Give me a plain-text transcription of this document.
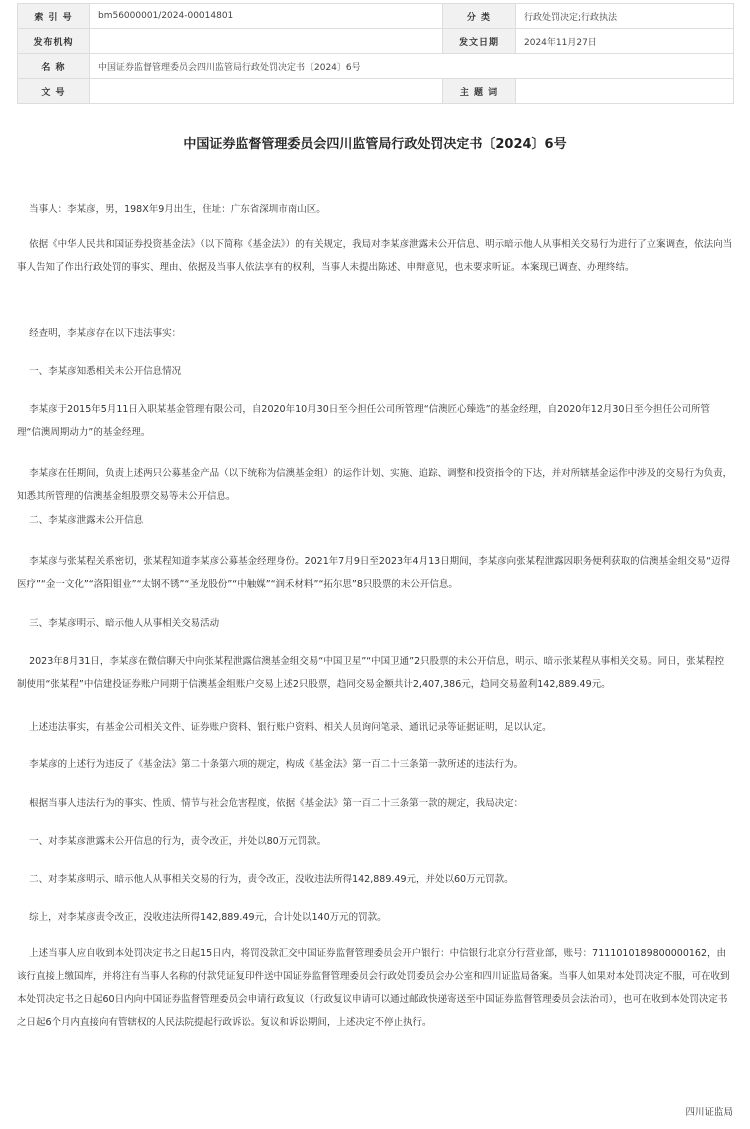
索 引 号	bm56000001/2024-00014801	分 类	行政处罚决定;行政执法
发布机构		发文日期	2024年11月27日
名 称	中国证券监督管理委员会四川监管局行政处罚决定书〔2024〕6号		
文 号		主 题 词	
中国证券监督管理委员会四川监管局行政处罚决定书〔2024〕6号

当事人：李某彦，男，198X年9月出生，住址：广东省深圳市南山区。

依据《中华人民共和国证券投资基金法》（以下简称《基金法》）的有关规定，我局对李某彦泄露未公开信息、明示暗示他人从事相关交易行为进行了立案调查，依法向当事人告知了作出行政处罚的事实、理由、依据及当事人依法享有的权利，当事人未提出陈述、申辩意见，也未要求听证。本案现已调查、办理终结。

经查明，李某彦存在以下违法事实：

一、李某彦知悉相关未公开信息情况

李某彦于2015年5月11日入职某基金管理有限公司，自2020年10月30日至今担任公司所管理“信澳匠心臻选”的基金经理，自2020年12月30日至今担任公司所管理“信澳周期动力”的基金经理。

李某彦在任期间，负责上述两只公募基金产品（以下统称为信澳基金组）的运作计划、实施、追踪、调整和投资指令的下达，并对所辖基金运作中涉及的交易行为负责，知悉其所管理的信澳基金组股票交易等未公开信息。

二、李某彦泄露未公开信息

李某彦与张某程关系密切，张某程知道李某彦公募基金经理身份。2021年7月9日至2023年4月13日期间，李某彦向张某程泄露因职务便利获取的信澳基金组交易“迈得医疗”“金一文化”“洛阳钼业”“太钢不锈”“圣龙股份”“中触媒”“润禾材料”“拓尔思”8只股票的未公开信息。

三、李某彦明示、暗示他人从事相关交易活动

2023年8月31日，李某彦在微信聊天中向张某程泄露信澳基金组交易“中国卫星”“中国卫通”2只股票的未公开信息，明示、暗示张某程从事相关交易。同日，张某程控制使用“张某程”中信建投证券账户同期于信澳基金组账户交易上述2只股票，趋同交易金额共计2,407,386元，趋同交易盈利142,889.49元。

上述违法事实，有基金公司相关文件、证券账户资料、银行账户资料、相关人员询问笔录、通讯记录等证据证明，足以认定。

李某彦的上述行为违反了《基金法》第二十条第六项的规定，构成《基金法》第一百二十三条第一款所述的违法行为。

根据当事人违法行为的事实、性质、情节与社会危害程度，依据《基金法》第一百二十三条第一款的规定，我局决定：

一、对李某彦泄露未公开信息的行为，责令改正，并处以80万元罚款。

二、对李某彦明示、暗示他人从事相关交易的行为，责令改正，没收违法所得142,889.49元，并处以60万元罚款。

综上，对李某彦责令改正，没收违法所得142,889.49元，合计处以140万元的罚款。

上述当事人应自收到本处罚决定书之日起15日内，将罚没款汇交中国证券监督管理委员会开户银行：中信银行北京分行营业部，账号：7111010189800000162，由该行直接上缴国库，并将注有当事人名称的付款凭证复印件送中国证券监督管理委员会行政处罚委员会办公室和四川证监局备案。当事人如果对本处罚决定不服，可在收到本处罚决定书之日起60日内向中国证券监督管理委员会申请行政复议（行政复议申请可以通过邮政快递寄送至中国证券监督管理委员会法治司），也可在收到本处罚决定书之日起6个月内直接向有管辖权的人民法院提起行政诉讼。复议和诉讼期间，上述决定不停止执行。

四川证监局
